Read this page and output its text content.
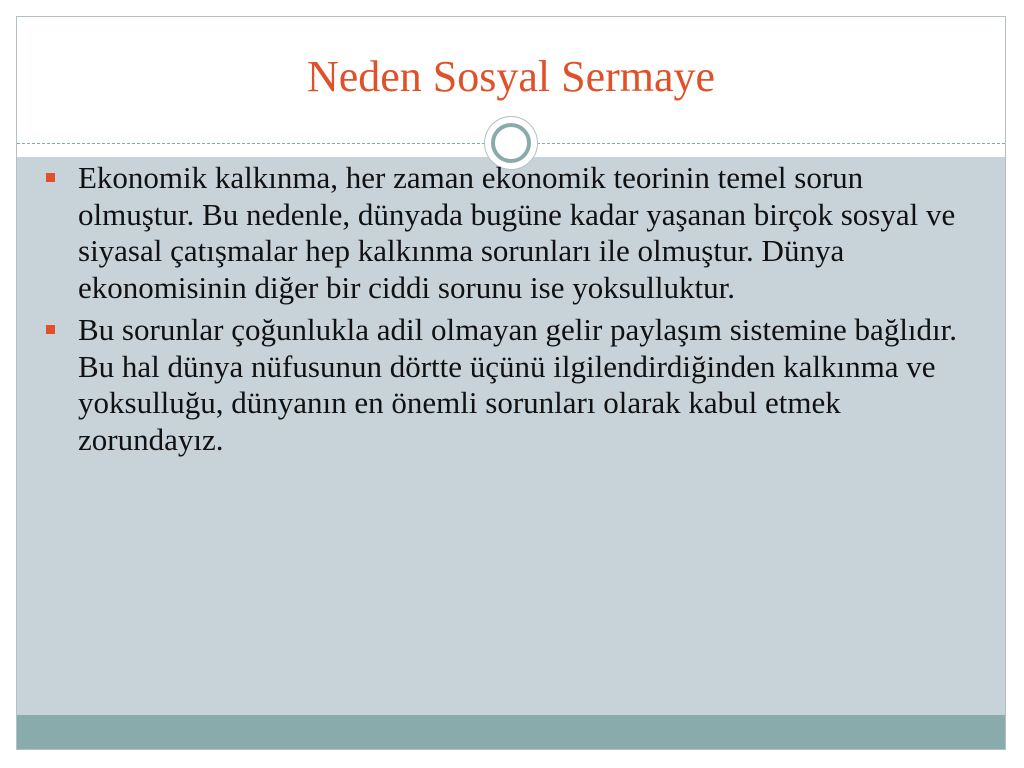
Neden Sosyal Sermaye
Ekonomik kalkınma, her zaman ekonomik teorinin temel sorun olmuştur. Bu nedenle, dünyada bugüne kadar yaşanan birçok sosyal ve siyasal çatışmalar hep kalkınma sorunları ile olmuştur. Dünya ekonomisinin diğer bir ciddi sorunu ise yoksulluktur.
Bu sorunlar çoğunlukla adil olmayan gelir paylaşım sistemine bağlıdır. Bu hal dünya nüfusunun dörtte üçünü ilgilendirdiğinden kalkınma ve yoksulluğu, dünyanın en önemli sorunları olarak kabul etmek zorundayız.
